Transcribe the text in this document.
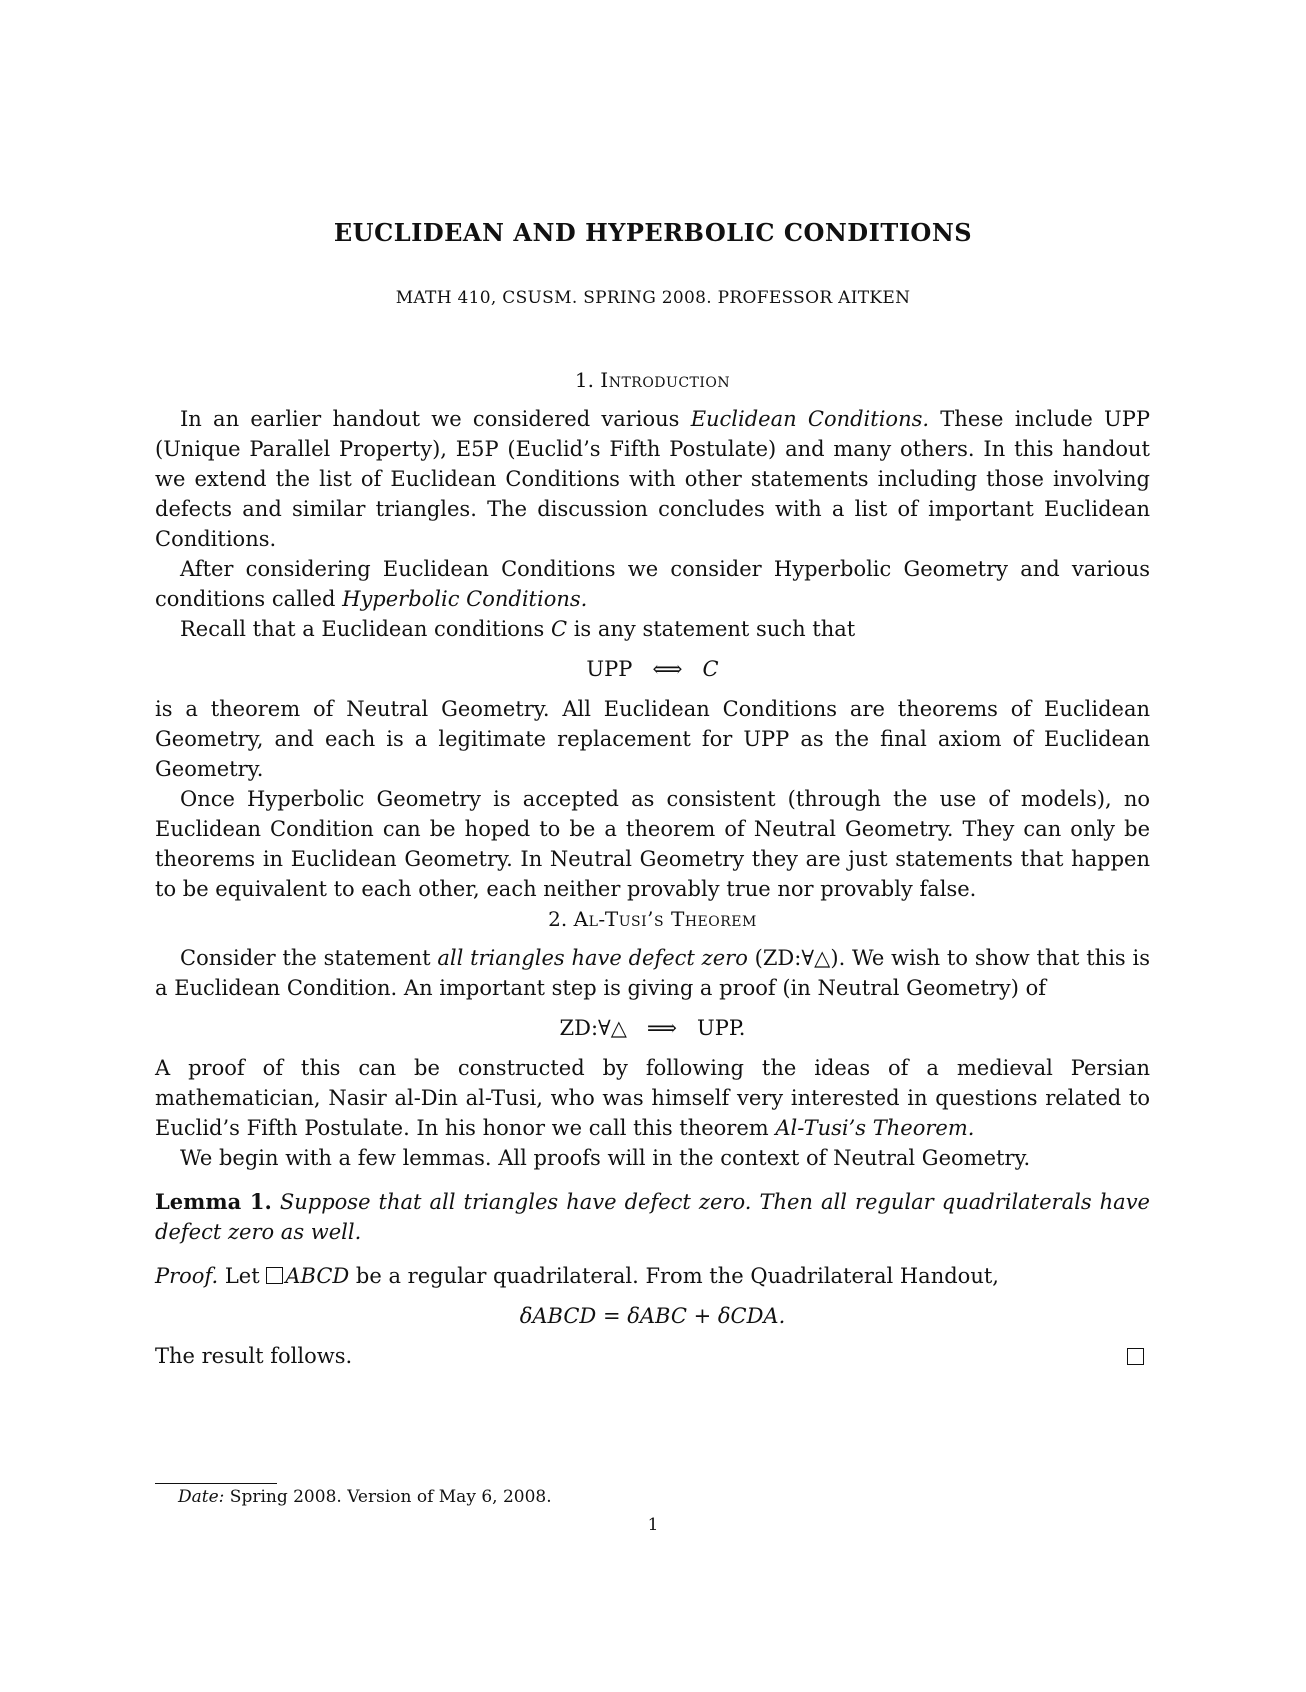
EUCLIDEAN AND HYPERBOLIC CONDITIONS
MATH 410, CSUSM. SPRING 2008. PROFESSOR AITKEN
1. Introduction

In an earlier handout we considered various Euclidean Conditions. These include UPP (Unique Parallel Property), E5P (Euclid’s Fifth Postulate) and many others. In this handout we extend the list of Euclidean Conditions with other statements including those involving defects and similar triangles. The discussion concludes with a list of important Euclidean Conditions.

After considering Euclidean Conditions we consider Hyperbolic Geometry and various conditions called Hyperbolic Conditions.

Recall that a Euclidean conditions C is any statement such that

UPP ⟺ C

is a theorem of Neutral Geometry. All Euclidean Conditions are theorems of Euclidean Geometry, and each is a legitimate replacement for UPP as the final axiom of Euclidean Geometry.

Once Hyperbolic Geometry is accepted as consistent (through the use of models), no Euclidean Condition can be hoped to be a theorem of Neutral Geometry. They can only be theorems in Euclidean Geometry. In Neutral Geometry they are just statements that happen to be equivalent to each other, each neither provably true nor provably false.

2. Al-Tusi’s Theorem

Consider the statement all triangles have defect zero (ZD:∀△). We wish to show that this is a Euclidean Condition. An important step is giving a proof (in Neutral Geometry) of

ZD:∀△ ⟹ UPP.

A proof of this can be constructed by following the ideas of a medieval Persian mathematician, Nasir al-Din al-Tusi, who was himself very interested in questions related to Euclid’s Fifth Postulate. In his honor we call this theorem Al-Tusi’s Theorem.

We begin with a few lemmas. All proofs will in the context of Neutral Geometry.

Lemma 1. Suppose that all triangles have defect zero. Then all regular quadrilaterals have defect zero as well.

Proof. Let ABCD be a regular quadrilateral. From the Quadrilateral Handout,

δABCD = δABC + δCDA.

The result follows.

Date: Spring 2008. Version of May 6, 2008.
1
